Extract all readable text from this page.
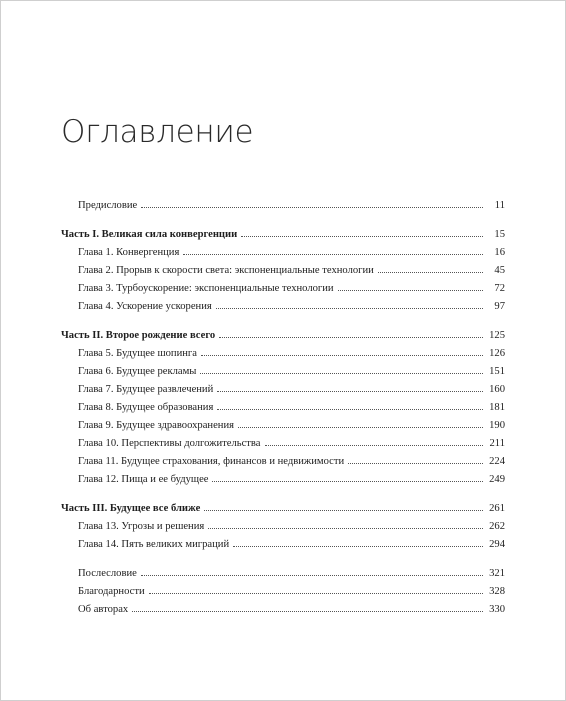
Оглавление
Предисловие	11
Часть I. Великая сила конвергенции	15
Глава 1. Конвергенция	16
Глава 2. Прорыв к скорости света: экспоненциальные технологии	45
Глава 3. Турбоускорение: экспоненциальные технологии	72
Глава 4. Ускорение ускорения	97
Часть II. Второе рождение всего	125
Глава 5. Будущее шопинга	126
Глава 6. Будущее рекламы	151
Глава 7. Будущее развлечений	160
Глава 8. Будущее образования	181
Глава 9. Будущее здравоохранения	190
Глава 10. Перспективы долгожительства	211
Глава 11. Будущее страхования, финансов и недвижимости	224
Глава 12. Пища и ее будущее	249
Часть III. Будущее все ближе	261
Глава 13. Угрозы и решения	262
Глава 14. Пять великих миграций	294
Послесловие	321
Благодарности	328
Об авторах	330
